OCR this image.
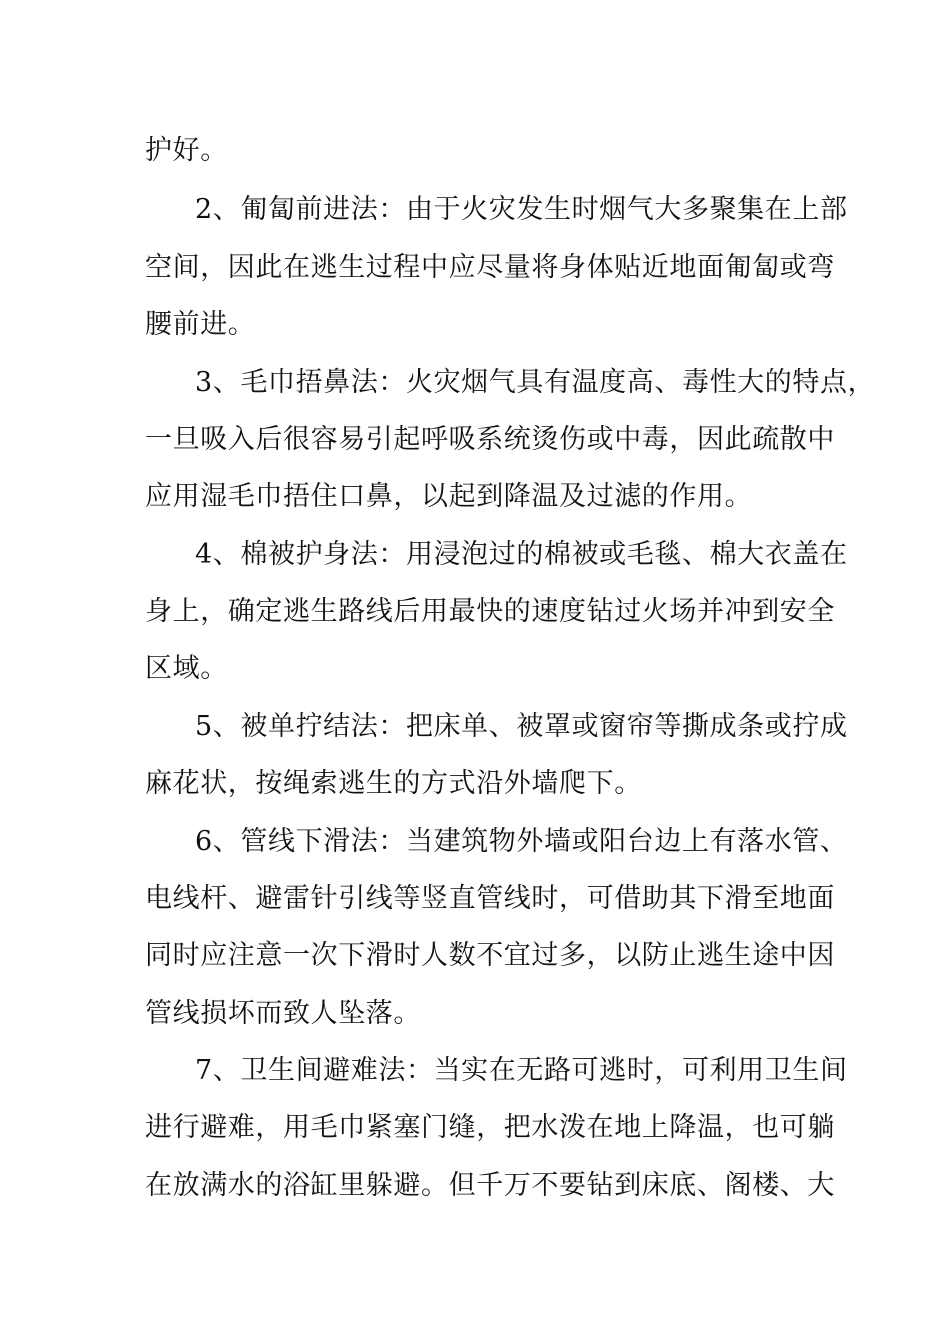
护好。

2、匍匐前进法：由于火灾发生时烟气大多聚集在上部

空间，因此在逃生过程中应尽量将身体贴近地面匍匐或弯

腰前进。

3、毛巾捂鼻法：火灾烟气具有温度高、毒性大的特点，

一旦吸入后很容易引起呼吸系统烫伤或中毒，因此疏散中

应用湿毛巾捂住口鼻，以起到降温及过滤的作用。

4、棉被护身法：用浸泡过的棉被或毛毯、棉大衣盖在

身上，确定逃生路线后用最快的速度钻过火场并冲到安全

区域。

5、被单拧结法：把床单、被罩或窗帘等撕成条或拧成

麻花状，按绳索逃生的方式沿外墙爬下。

6、管线下滑法：当建筑物外墙或阳台边上有落水管、

电线杆、避雷针引线等竖直管线时，可借助其下滑至地面

同时应注意一次下滑时人数不宜过多，以防止逃生途中因

管线损坏而致人坠落。

7、卫生间避难法：当实在无路可逃时，可利用卫生间

进行避难，用毛巾紧塞门缝，把水泼在地上降温，也可躺

在放满水的浴缸里躲避。但千万不要钻到床底、阁楼、大
